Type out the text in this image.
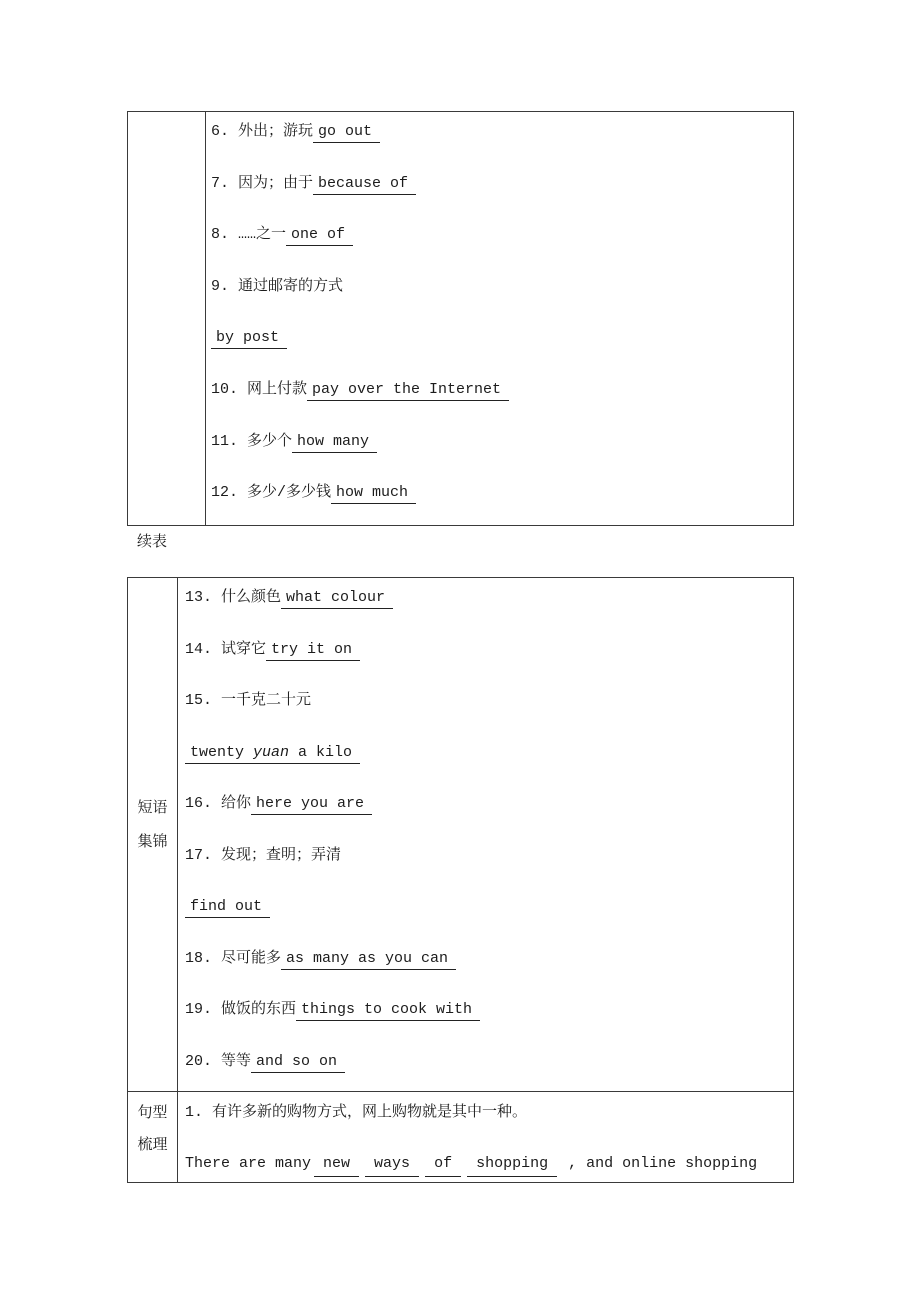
6. 外出；游玩 go out
7. 因为；由于 because of
8. ……之一 one of
9. 通过邮寄的方式
by post
10. 网上付款 pay over the Internet
11. 多少个 how many
12. 多少/多少钱 how much
续表
短语
集锦
13. 什么颜色 what colour
14. 试穿它 try it on
15. 一千克二十元
twenty yuan a kilo
16. 给你 here you are
17. 发现；查明；弄清
find out
18. 尽可能多 as many as you can
19. 做饭的东西 things to cook with
20. 等等 and so on
句型
梳理
1. 有许多新的购物方式，网上购物就是其中一种。
There are many new ways of shopping , and online shopping
